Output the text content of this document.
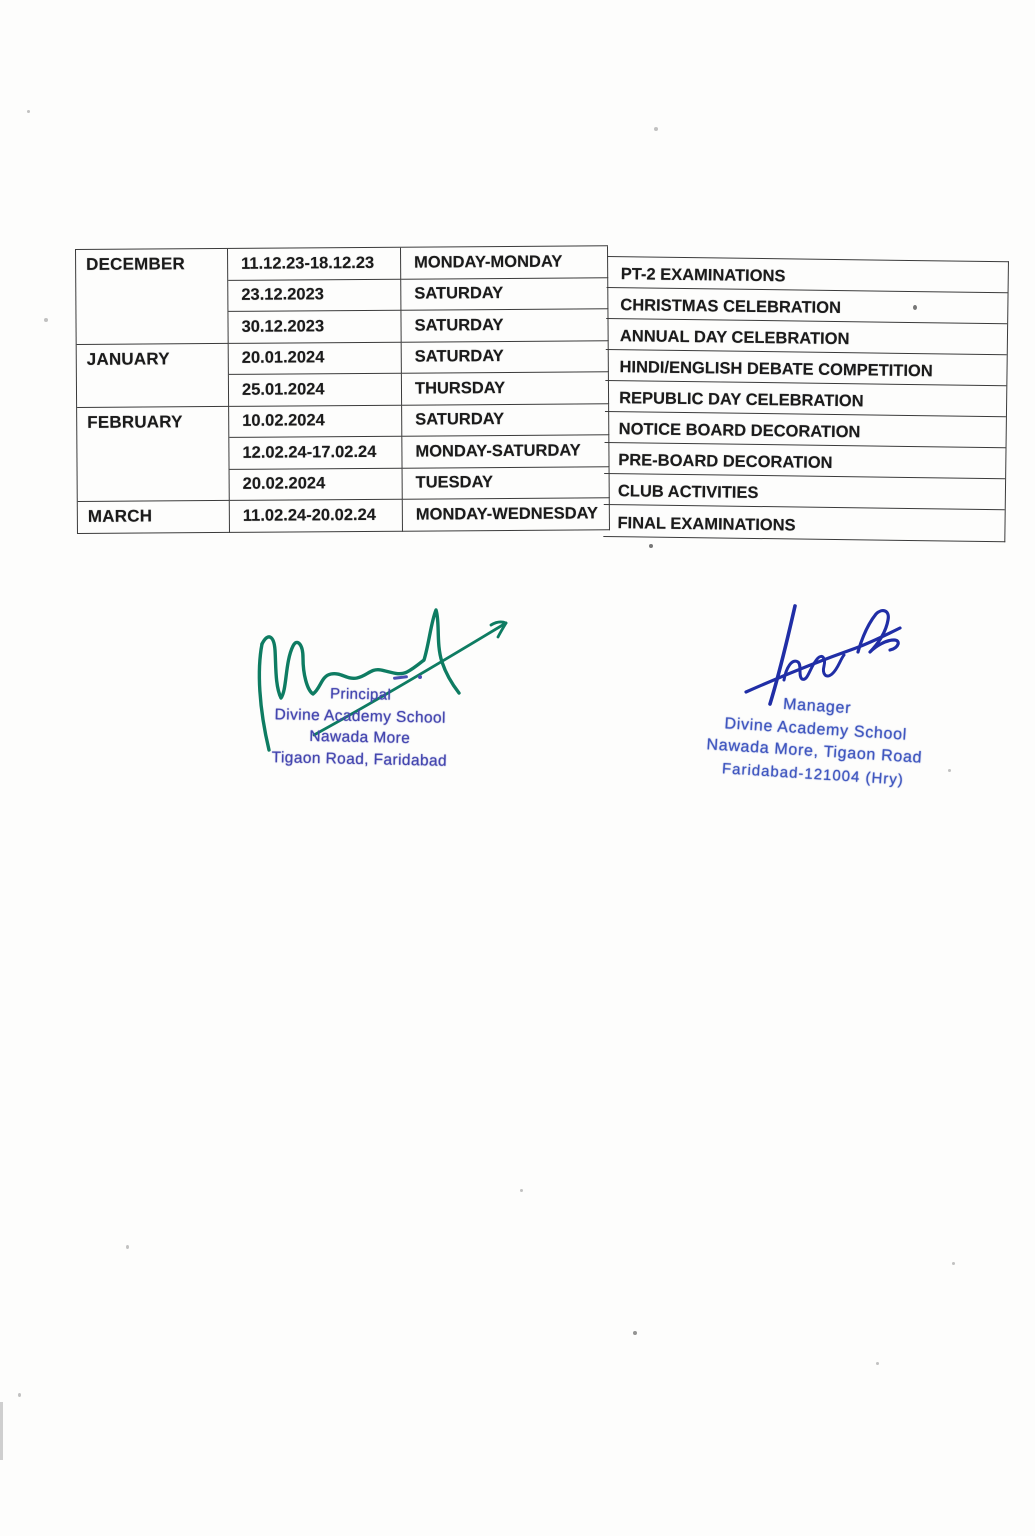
DECEMBER
JANUARY
FEBRUARY
MARCH
11.12.23-18.12.23
23.12.2023
30.12.2023
20.01.2024
25.01.2024
10.02.2024
12.02.24-17.02.24
20.02.2024
11.02.24-20.02.24
MONDAY-MONDAY
SATURDAY
SATURDAY
SATURDAY
THURSDAY
SATURDAY
MONDAY-SATURDAY
TUESDAY
MONDAY-WEDNESDAY
PT-2 EXAMINATIONS
CHRISTMAS CELEBRATION
ANNUAL DAY CELEBRATION
HINDI/ENGLISH DEBATE COMPETITION
REPUBLIC DAY CELEBRATION
NOTICE BOARD DECORATION
PRE-BOARD DECORATION
CLUB ACTIVITIES
FINAL EXAMINATIONS
Principal
Divine Academy School
Nawada More
Tigaon Road, Faridabad
Manager
Divine Academy School
Nawada More, Tigaon Road
Faridabad-121004 (Hry)
